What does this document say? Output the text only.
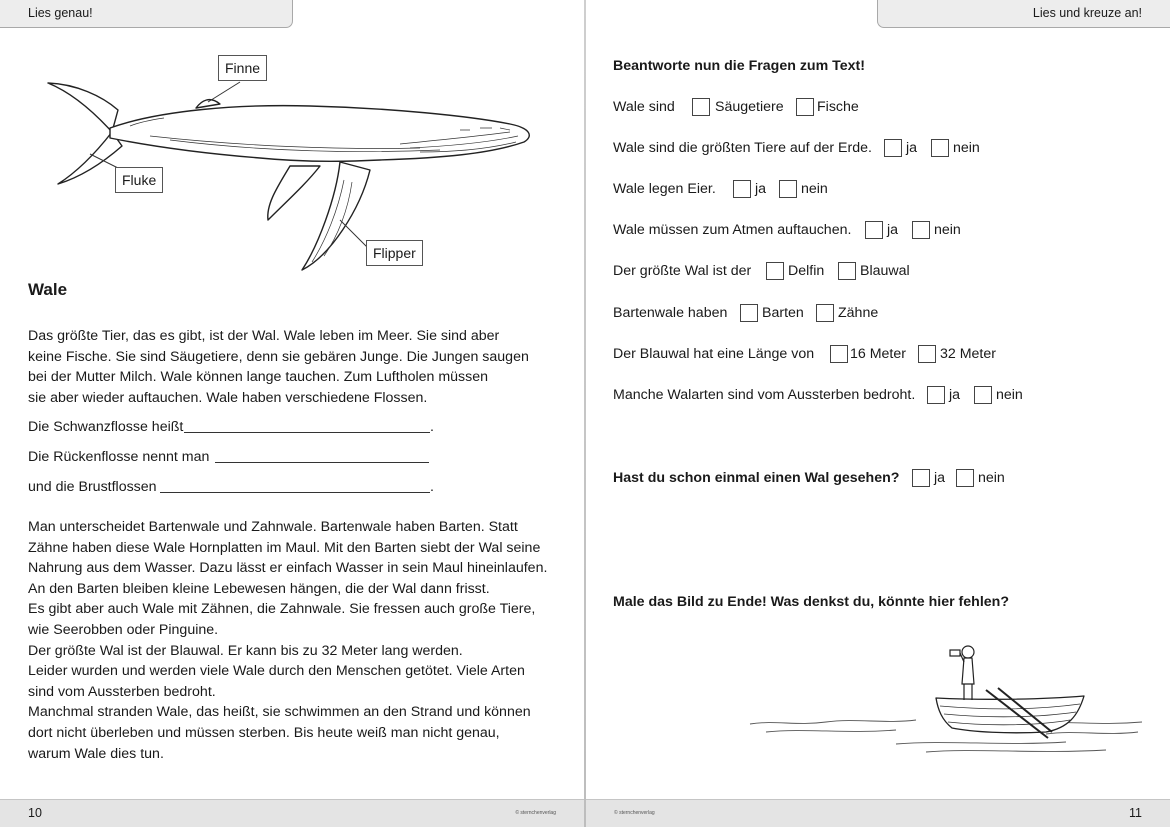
Lies genau!
Finne
Fluke
Flipper
Wale

Das größte Tier, das es gibt, ist der Wal. Wale leben im Meer. Sie sind aber

keine Fische. Sie sind Säugetiere, denn sie gebären Junge. Die Jungen saugen

bei der Mutter Milch. Wale können lange tauchen. Zum Luftholen müssen

sie aber wieder auftauchen. Wale haben verschiedene Flossen.

Die Schwanzflosse heißt	.
Die Rückenflosse nennt man
und die Brustflossen	.

Man unterscheidet Bartenwale und Zahnwale. Bartenwale haben Barten. Statt

Zähne haben diese Wale Hornplatten im Maul. Mit den Barten siebt der Wal seine

Nahrung aus dem Wasser. Dazu lässt er einfach Wasser in sein Maul hineinlaufen.

An den Barten bleiben kleine Lebewesen hängen, die der Wal dann frisst.

Es gibt aber auch Wale mit Zähnen, die Zahnwale. Sie fressen auch große Tiere,

wie Seerobben oder Pinguine.

Der größte Wal ist der Blauwal. Er kann bis zu 32 Meter lang werden.

Leider wurden und werden viele Wale durch den Menschen getötet. Viele Arten

sind vom Aussterben bedroht.

Manchmal stranden Wale, das heißt, sie schwimmen an den Strand und können

dort nicht überleben und müssen sterben. Bis heute weiß man nicht genau,

warum Wale dies tun.

10	© sternchenverlag
Lies und kreuze an!
Beantworte nun die Fragen zum Text!
Wale sind	Säugetiere Fische
Wale sind die größten Tiere auf der Erde. ja	nein
Wale legen Eier.	ja nein
Wale müssen zum Atmen auftauchen.	ja	nein
Der größte Wal ist der	Delfin	Blauwal
Bartenwale haben Barten Zähne
Der Blauwal hat eine Länge von	16 Meter 32 Meter
Manche Walarten sind vom Aussterben bedroht. ja	nein
Hast du schon einmal einen Wal gesehen? ja nein
Male das Bild zu Ende! Was denkst du, könnte hier fehlen?
© sternchenverlag	11
